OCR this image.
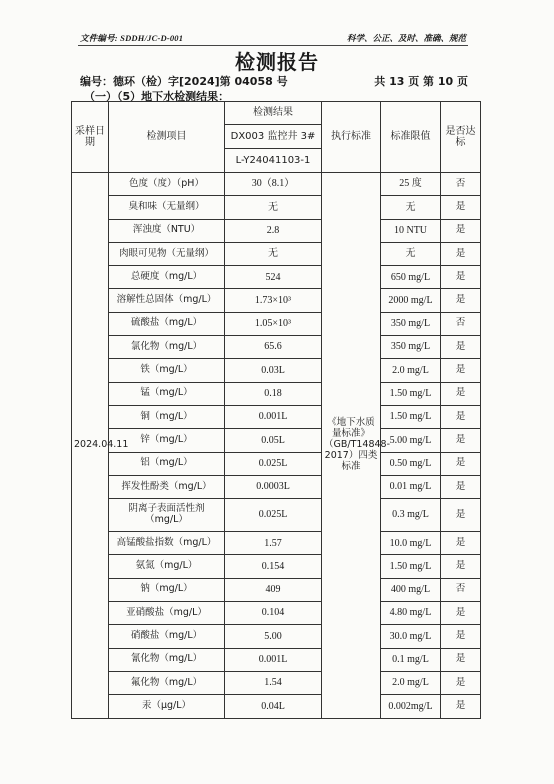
文件编号: SDDH/JC-D-001	科学、公正、及时、准确、规范
检测报告
编号：德环（检）字[2024]第 04058 号	共 13 页 第 10 页
（一）（5）地下水检测结果：
采样日期	检测项目	检测结果	执行标准	标准限值	是否达标
		DX003 监控井 3#			
		L-Y24041103-1			
2024.04.11	色度（度）（pH）	30（8.1）	《地下水质量标准》（GB/T14848-2017）四类标准	25 度	否
	臭和味（无量纲）	无		无	是
	浑浊度（NTU）	2.8		10 NTU	是
	肉眼可见物（无量纲）	无		无	是
	总硬度（mg/L）	524		650 mg/L	是
	溶解性总固体（mg/L）	1.73×10³		2000 mg/L	是
	硫酸盐（mg/L）	1.05×10³		350 mg/L	否
	氯化物（mg/L）	65.6		350 mg/L	是
	铁（mg/L）	0.03L		2.0 mg/L	是
	锰（mg/L）	0.18		1.50 mg/L	是
	铜（mg/L）	0.001L		1.50 mg/L	是
	锌（mg/L）	0.05L		5.00 mg/L	是
	铝（mg/L）	0.025L		0.50 mg/L	是
	挥发性酚类（mg/L）	0.0003L		0.01 mg/L	是
	阴离子表面活性剂（mg/L）	0.025L		0.3 mg/L	是
	高锰酸盐指数（mg/L）	1.57		10.0 mg/L	是
	氨氮（mg/L）	0.154		1.50 mg/L	是
	钠（mg/L）	409		400 mg/L	否
	亚硝酸盐（mg/L）	0.104		4.80 mg/L	是
	硝酸盐（mg/L）	5.00		30.0 mg/L	是
	氰化物（mg/L）	0.001L		0.1 mg/L	是
	氟化物（mg/L）	1.54		2.0 mg/L	是
	汞（μg/L）	0.04L		0.002mg/L	是
